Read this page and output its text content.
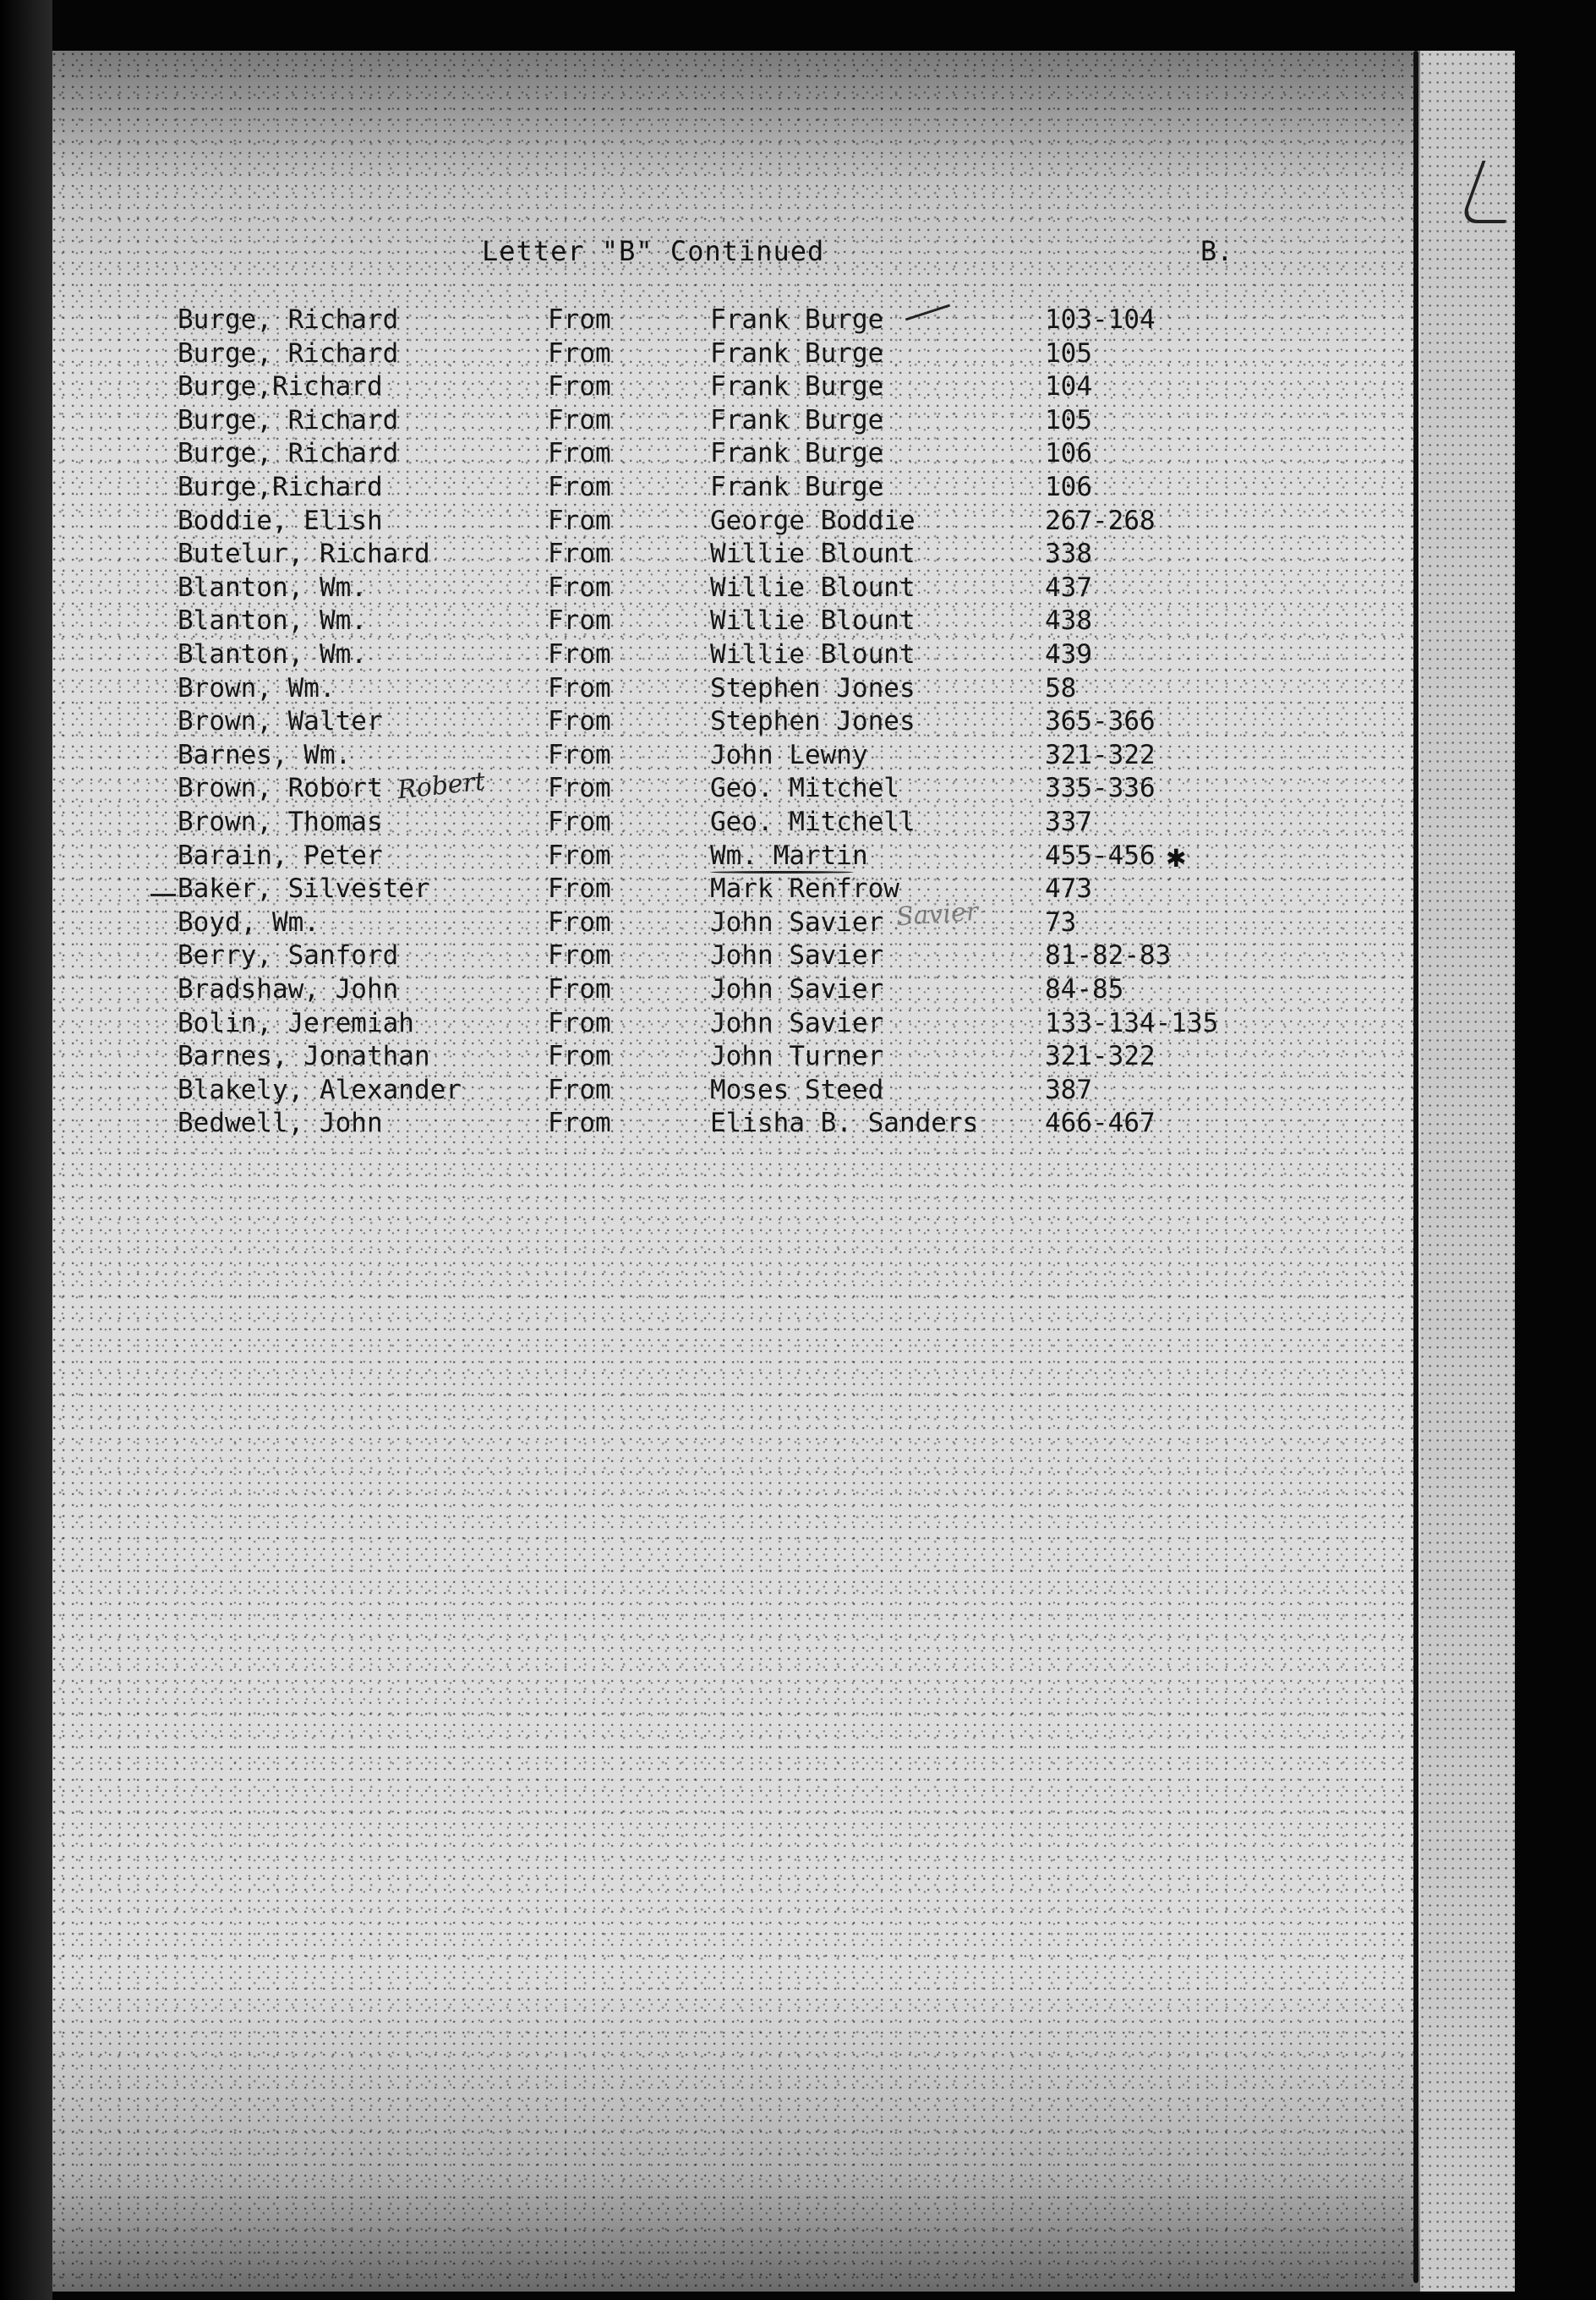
Letter "B" Continued	B.
Burge, Richard	From	Frank Burge	103-104
Burge, Richard	From	Frank Burge	105
Burge,Richard	From	Frank Burge	104
Burge, Richard	From	Frank Burge	105
Burge, Richard	From	Frank Burge	106
Burge,Richard	From	Frank Burge	106
Boddie, Elish	From	George Boddie	267-268
Butelur, Richard	From	Willie Blount	338
Blanton, Wm.	From	Willie Blount	437
Blanton, Wm.	From	Willie Blount	438
Blanton, Wm.	From	Willie Blount	439
Brown, Wm.	From	Stephen Jones	58
Brown, Walter	From	Stephen Jones	365-366
Barnes, Wm.	From	John Lewny	321-322
Brown, Robort	From	Geo. Mitchel	335-336
Brown, Thomas	From	Geo. Mitchell	337
Barain, Peter	From	Wm. Martin	455-456
Baker, Silvester	From	Mark Renfrow	473
Boyd, Wm.	From	John Savier	73
Berry, Sanford	From	John Savier	81-82-83
Bradshaw, John	From	John Savier	84-85
Bolin, Jeremiah	From	John Savier	133-134-135
Barnes, Jonathan	From	John Turner	321-322
Blakely, Alexander	From	Moses Steed	387
Bedwell, John	From	Elisha B. Sanders	466-467
Robert
Savier
✱
